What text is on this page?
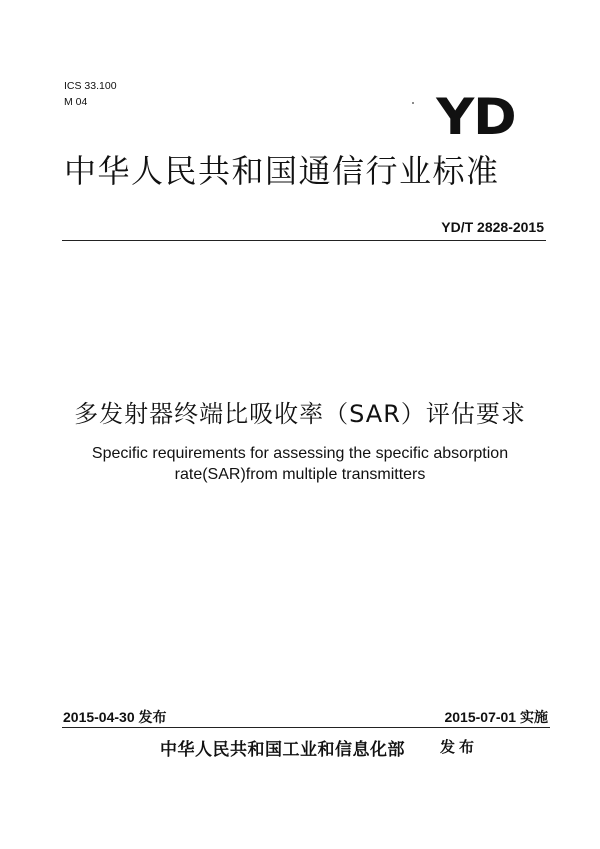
ICS 33.100
M 04	YD
中华人民共和国通信行业标准
YD/T 2828-2015
多发射器终端比吸收率（SAR）评估要求
Specific requirements for assessing the specific absorption
rate(SAR)from multiple transmitters
2015-04-30 发布	2015-07-01 实施
中华人民共和国工业和信息化部 发布
